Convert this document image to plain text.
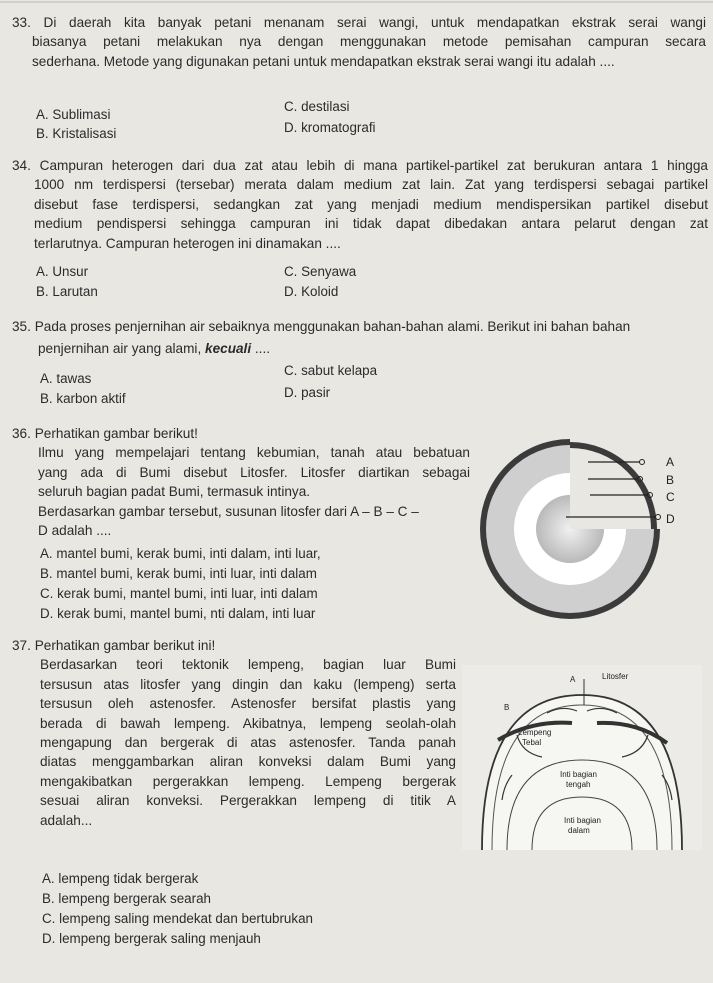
33. Di daerah kita banyak petani menanam serai wangi, untuk mendapatkan ekstrak serai wangi

biasanya petani melakukan nya dengan menggunakan metode pemisahan campuran secara

sederhana. Metode yang digunakan petani untuk mendapatkan ekstrak serai wangi itu adalah ....

A. Sublimasi
B. Kristalisasi
C. destilasi
D. kromatografi

34. Campuran heterogen dari dua zat atau lebih di mana partikel-partikel zat berukuran antara 1 hingga

1000 nm terdispersi (tersebar) merata dalam medium zat lain. Zat yang terdispersi sebagai partikel

disebut fase terdispersi, sedangkan zat yang menjadi medium mendispersikan partikel disebut

medium pendispersi sehingga campuran ini tidak dapat dibedakan antara pelarut dengan zat

terlarutnya. Campuran heterogen ini dinamakan ....

A. Unsur
B. Larutan
C. Senyawa
D. Koloid

35. Pada proses penjernihan air sebaiknya menggunakan bahan-bahan alami. Berikut ini bahan bahan

penjernihan air yang alami, kecuali ....

A. tawas
B. karbon aktif
C. sabut kelapa
D. pasir

36. Perhatikan gambar berikut!

Ilmu yang mempelajari tentang kebumian, tanah atau bebatuan

yang ada di Bumi disebut Litosfer. Litosfer diartikan sebagai

seluruh bagian padat Bumi, termasuk intinya.

Berdasarkan gambar tersebut, susunan litosfer dari A – B – C –

D adalah ....

A. mantel bumi, kerak bumi, inti dalam, inti luar,
B. mantel bumi, kerak bumi, inti luar, inti dalam
C. kerak bumi, mantel bumi, inti luar, inti dalam
D. kerak bumi, mantel bumi, nti dalam, inti luar
A
B
C
D

37. Perhatikan gambar berikut ini!

Berdasarkan teori tektonik lempeng, bagian luar Bumi

tersusun atas litosfer yang dingin dan kaku (lempeng) serta

tersusun oleh astenosfer. Astenosfer bersifat plastis yang

berada di bawah lempeng. Akibatnya, lempeng seolah-olah

mengapung dan bergerak di atas astenosfer. Tanda panah

diatas menggambarkan aliran konveksi dalam Bumi yang

mengakibatkan pergerakkan lempeng. Lempeng bergerak

sesuai aliran konveksi. Pergerakkan lempeng di titik A

adalah...

A. lempeng tidak bergerak
B. lempeng bergerak searah
C. lempeng saling mendekat dan bertubrukan
D. lempeng bergerak saling menjauh
A
B
Litosfer
Lempeng
Tebal
Inti bagian
tengah
Inti bagian
dalam
